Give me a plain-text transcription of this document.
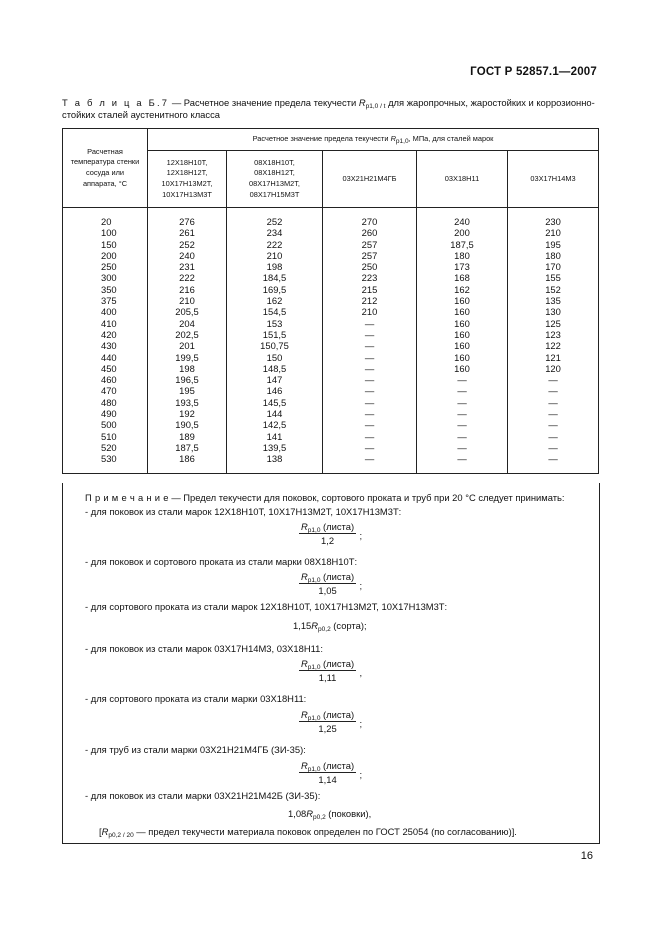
ГОСТ Р 52857.1—2007
Т а б л и ц а Б.7 — Расчетное значение предела текучести $R_{p1,0 / t}$ для жаропрочных, жаростойких и коррозионно-
стойких сталей аустенитного класса
Расчетная температура стенки сосуда или аппарата, °С	Расчетное значение предела текучести $R_{p1,0}$, МПа, для сталей марок				
	12Х18Н10Т, 12Х18Н12Т, 10Х17Н13М2Т, 10Х17Н13М3Т	08Х18Н10Т, 08Х18Н12Т, 08Х17Н13М2Т, 08Х17Н15М3Т	03Х21Н21М4ГБ	03Х18Н11	03Х17Н14М3

20	276	252	270	240	230
100	261	234	260	200	210
150	252	222	257	187,5	195
200	240	210	257	180	180
250	231	198	250	173	170
300	222	184,5	223	168	155
350	216	169,5	215	162	152
375	210	162	212	160	135
400	205,5	154,5	210	160	130
410	204	153	—	160	125
420	202,5	151,5	—	160	123
430	201	150,75	—	160	122
440	199,5	150	—	160	121
450	198	148,5	—	160	120
460	196,5	147	—	—	—
470	195	146	—	—	—
480	193,5	145,5	—	—	—
490	192	144	—	—	—
500	190,5	142,5	—	—	—
510	189	141	—	—	—
520	187,5	139,5	—	—	—
530	186	138	—	—	—

П р и м е ч а н и е — Предел текучести для поковок, сортового проката и труб при 20 °С следует принимать:
- для поковок из стали марок 12Х18Н10Т, 10Х17Н13М2Т, 10Х17Н13М3Т:
$R_{p1,0}$ (листа)
1,2	;
- для поковок и сортового проката из стали марки 08Х18Н10Т:
$R_{p1,0}$ (листа)
1,05	;
- для сортового проката из стали марок 12Х18Н10Т, 10Х17Н13М2Т, 10Х17Н13М3Т:
$1,15R_{p0,2}$ (сорта);
- для поковок из стали марок 03Х17Н14М3, 03Х18Н11:
$R_{p1,0}$ (листа)
1,11	,
- для сортового проката из стали марки 03Х18Н11:
$R_{p1,0}$ (листа)
1,25	;
- для труб из стали марки 03Х21Н21М4ГБ (ЗИ-35):
$R_{p1,0}$ (листа)
1,14	;
- для поковок из стали марки 03Х21Н21М42Б (ЗИ-35):
$1,08R_{p0,2}$ (поковки),
[$R_{p0,2 / 20}$ — предел текучести материала поковок определен по ГОСТ 25054 (по согласованию)].
16
